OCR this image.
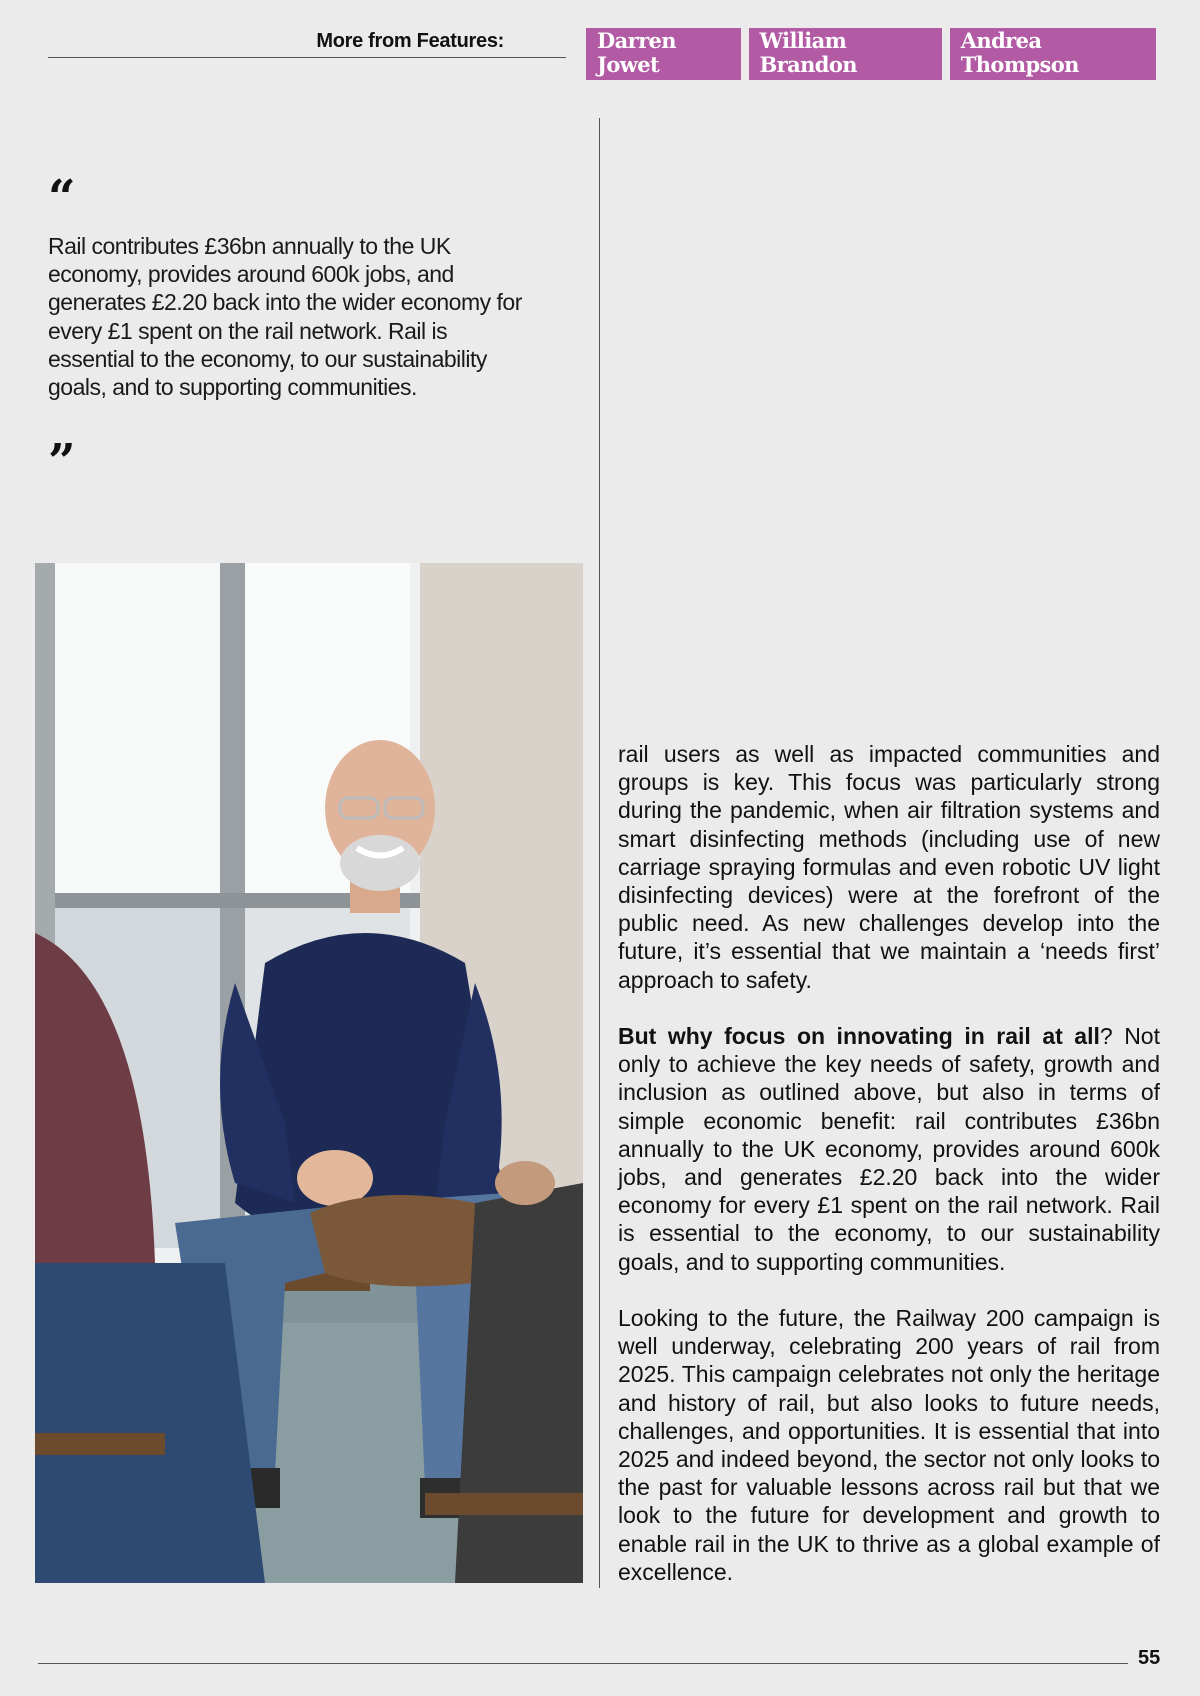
More from Features:	Darren Jowet
William Brandon
Andrea Thompson
“
Rail contributes £36bn annually to the UK economy, provides around 600k jobs, and generates £2.20 back into the wider economy for every £1 spent on the rail network. Rail is essential to the economy, to our sustainability goals, and to supporting communities.
”

rail users as well as impacted communities and groups is key. This focus was particularly strong during the pandemic, when air filtration systems and smart disinfecting methods (including use of new carriage spraying formulas and even robotic UV light disinfecting devices) were at the forefront of the public need. As new challenges develop into the future, it’s essential that we maintain a ‘needs first’ approach to safety.

But why focus on innovating in rail at all? Not only to achieve the key needs of safety, growth and inclusion as outlined above, but also in terms of simple economic benefit: rail contributes £36bn annually to the UK economy, provides around 600k jobs, and generates £2.20 back into the wider economy for every £1 spent on the rail network. Rail is essential to the economy, to our sustainability goals, and to supporting communities.

Looking to the future, the Railway 200 campaign is well underway, celebrating 200 years of rail from 2025. This campaign celebrates not only the heritage and history of rail, but also looks to future needs, challenges, and opportunities. It is essential that into 2025 and indeed beyond, the sector not only looks to the past for valuable lessons across rail but that we look to the future for development and growth to enable rail in the UK to thrive as a global example of excellence.

55
